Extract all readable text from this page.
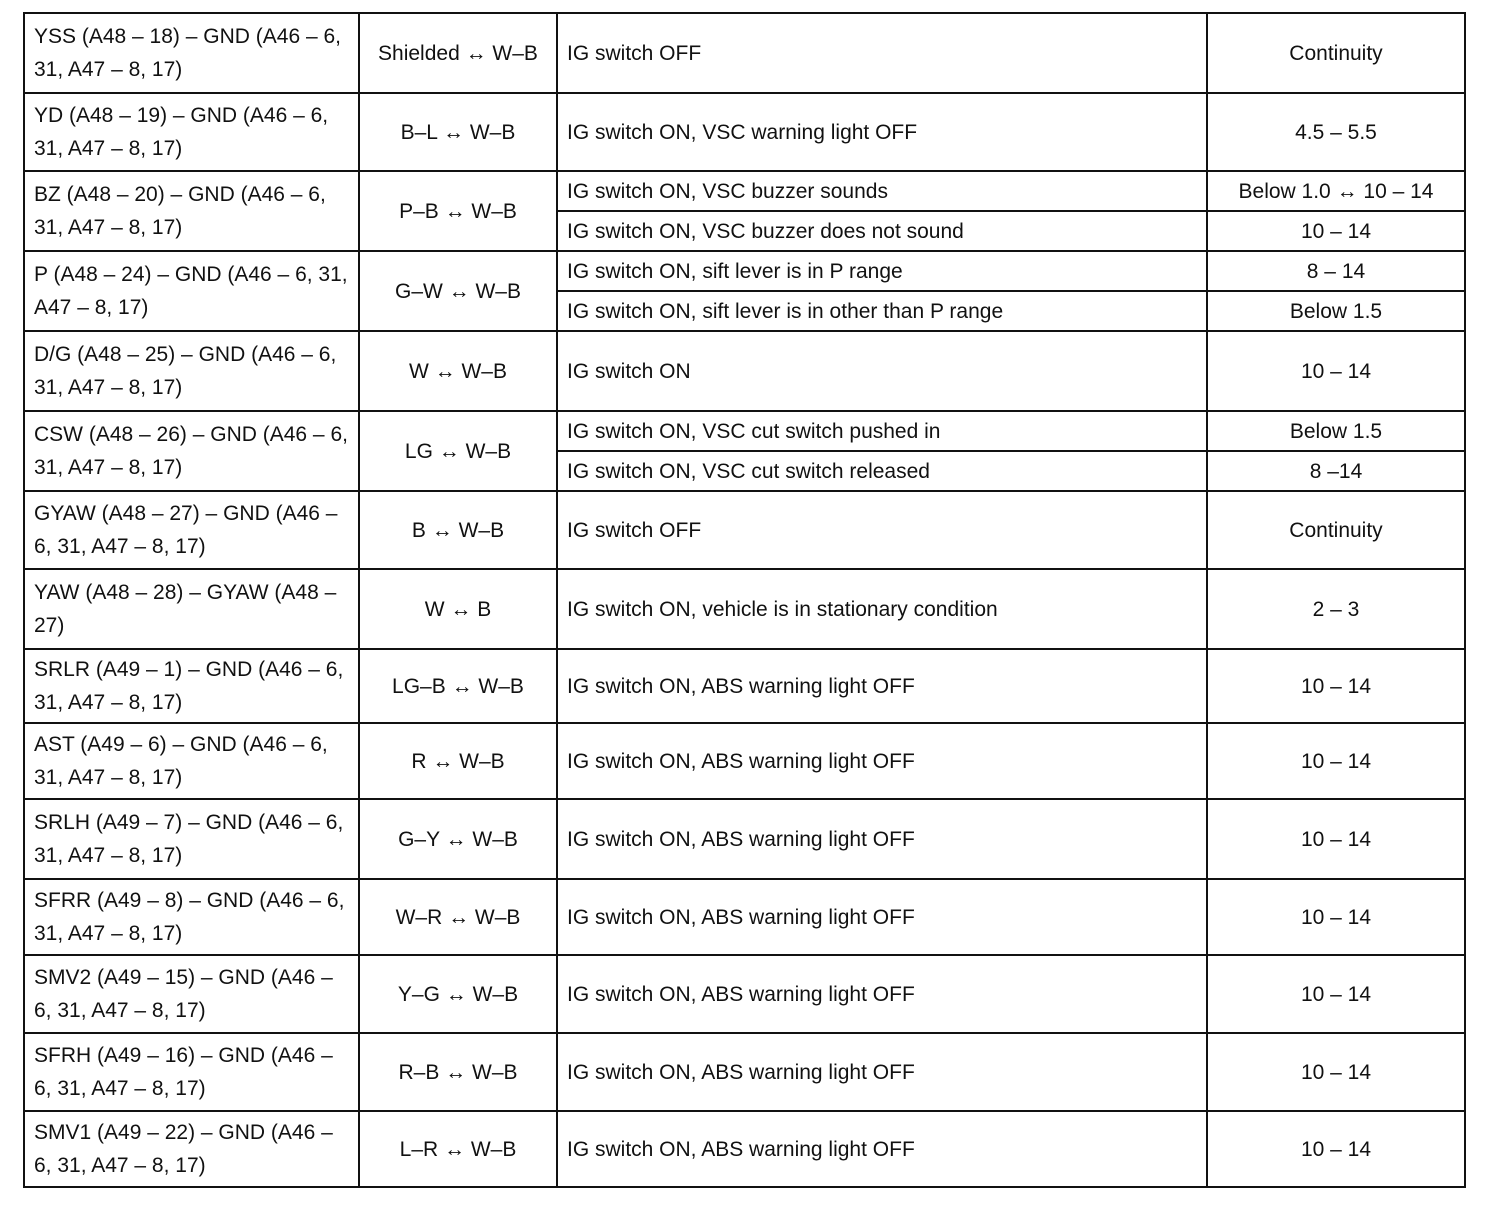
YSS (A48 – 18) – GND (A46 – 6, 31, A47 – 8, 17)	Shielded ↔ W–B	IG switch OFF	Continuity
YD (A48 – 19) – GND (A46 – 6, 31, A47 – 8, 17)	B–L ↔ W–B	IG switch ON, VSC warning light OFF	4.5 – 5.5
BZ (A48 – 20) – GND (A46 – 6, 31, A47 – 8, 17)	P–B ↔ W–B	IG switch ON, VSC buzzer sounds	Below 1.0 ↔ 10 – 14
		IG switch ON, VSC buzzer does not sound	10 – 14
P (A48 – 24) – GND (A46 – 6, 31, A47 – 8, 17)	G–W ↔ W–B	IG switch ON, sift lever is in P range	8 – 14
		IG switch ON, sift lever is in other than P range	Below 1.5
D/G (A48 – 25) – GND (A46 – 6, 31, A47 – 8, 17)	W ↔ W–B	IG switch ON	10 – 14
CSW (A48 – 26) – GND (A46 – 6, 31, A47 – 8, 17)	LG ↔ W–B	IG switch ON, VSC cut switch pushed in	Below 1.5
		IG switch ON, VSC cut switch released	8 –14
GYAW (A48 – 27) – GND (A46 – 6, 31, A47 – 8, 17)	B ↔ W–B	IG switch OFF	Continuity
YAW (A48 – 28) – GYAW (A48 – 27)	W ↔ B	IG switch ON, vehicle is in stationary condition	2 – 3
SRLR (A49 – 1) – GND (A46 – 6, 31, A47 – 8, 17)	LG–B ↔ W–B	IG switch ON, ABS warning light OFF	10 – 14
AST (A49 – 6) – GND (A46 – 6, 31, A47 – 8, 17)	R ↔ W–B	IG switch ON, ABS warning light OFF	10 – 14
SRLH (A49 – 7) – GND (A46 – 6, 31, A47 – 8, 17)	G–Y ↔ W–B	IG switch ON, ABS warning light OFF	10 – 14
SFRR (A49 – 8) – GND (A46 – 6, 31, A47 – 8, 17)	W–R ↔ W–B	IG switch ON, ABS warning light OFF	10 – 14
SMV2 (A49 – 15) – GND (A46 – 6, 31, A47 – 8, 17)	Y–G ↔ W–B	IG switch ON, ABS warning light OFF	10 – 14
SFRH (A49 – 16) – GND (A46 – 6, 31, A47 – 8, 17)	R–B ↔ W–B	IG switch ON, ABS warning light OFF	10 – 14
SMV1 (A49 – 22) – GND (A46 – 6, 31, A47 – 8, 17)	L–R ↔ W–B	IG switch ON, ABS warning light OFF	10 – 14
